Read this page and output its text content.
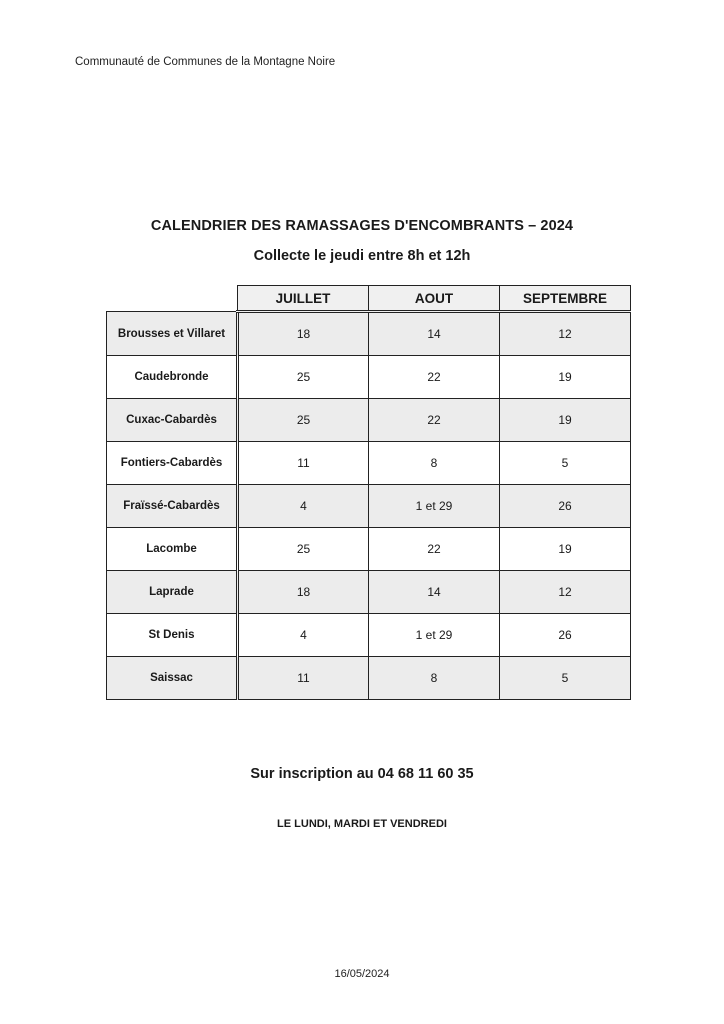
Communauté de Communes de la Montagne Noire
CALENDRIER DES RAMASSAGES D'ENCOMBRANTS – 2024
Collecte le jeudi entre 8h et 12h
	JUILLET	AOUT	SEPTEMBRE
Brousses et Villaret	18	14	12
Caudebronde	25	22	19
Cuxac-Cabardès	25	22	19
Fontiers-Cabardès	11	8	5
Fraïssé-Cabardès	4	1 et 29	26
Lacombe	25	22	19
Laprade	18	14	12
St Denis	4	1 et 29	26
Saissac	11	8	5
Sur inscription au 04 68 11 60 35
LE LUNDI, MARDI ET VENDREDI
16/05/2024
